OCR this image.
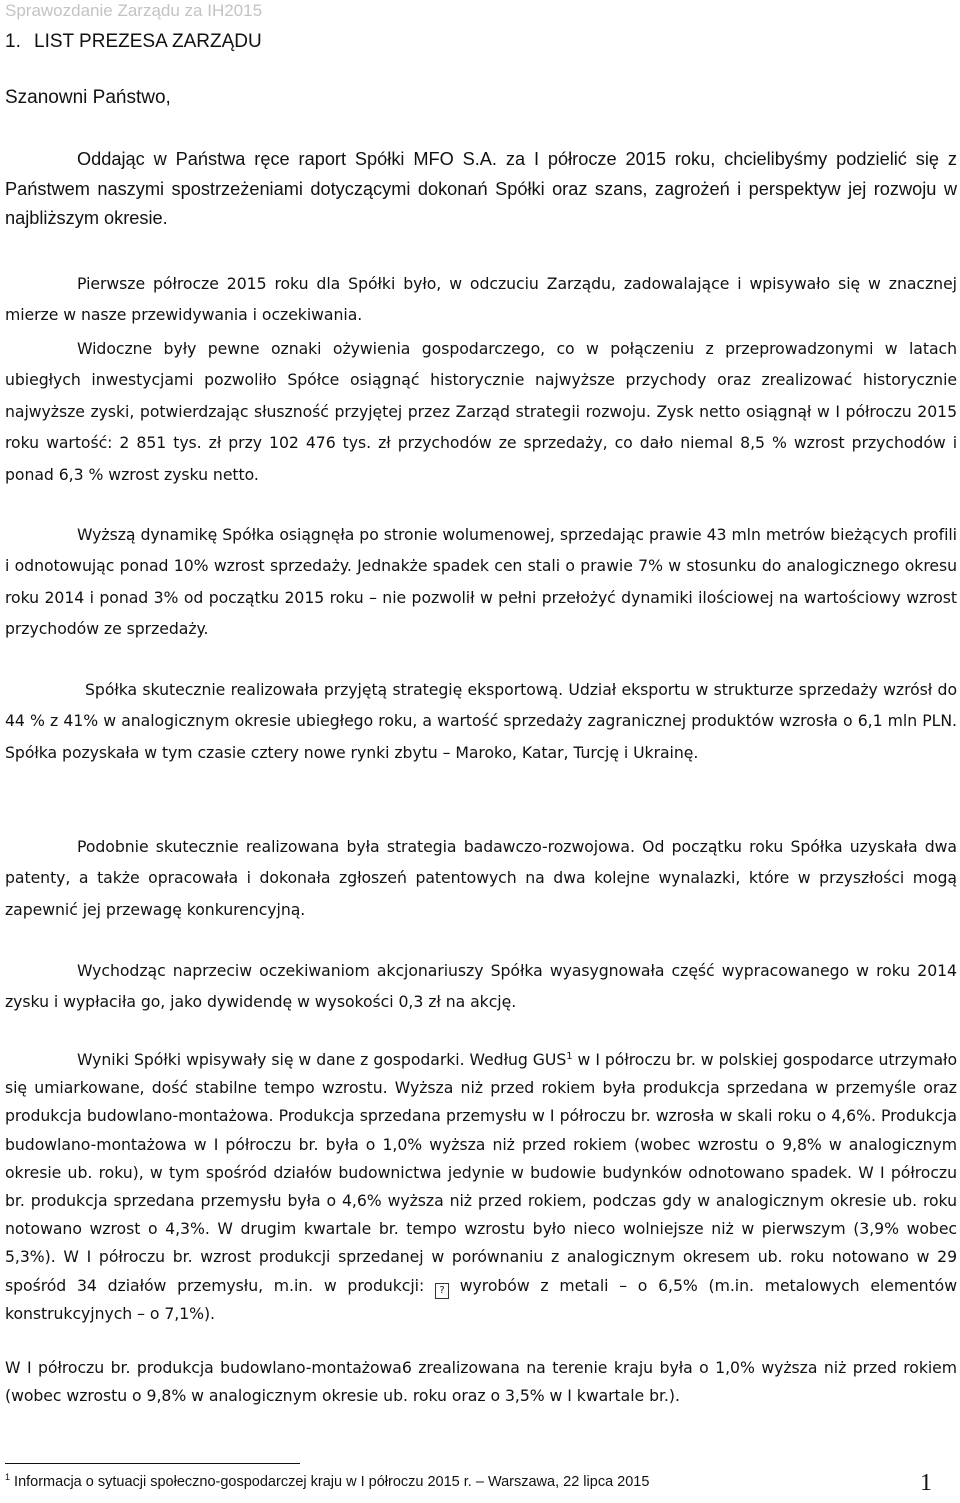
Sprawozdanie Zarządu za IH2015
1. LIST PREZESA ZARZĄDU
Szanowni Państwo,

Oddając w Państwa ręce raport Spółki MFO S.A. za I półrocze 2015 roku, chcielibyśmy podzielić się z Państwem naszymi spostrzeżeniami dotyczącymi dokonań Spółki oraz szans, zagrożeń i perspektyw jej rozwoju w najbliższym okresie.

Pierwsze półrocze 2015 roku dla Spółki było, w odczuciu Zarządu, zadowalające i wpisywało się w znacznej mierze w nasze przewidywania i oczekiwania.

Widoczne były pewne oznaki ożywienia gospodarczego, co w połączeniu z przeprowadzonymi w latach ubiegłych inwestycjami pozwoliło Spółce osiągnąć historycznie najwyższe przychody oraz zrealizować historycznie najwyższe zyski, potwierdzając słuszność przyjętej przez Zarząd strategii rozwoju. Zysk netto osiągnął w I półroczu 2015 roku wartość: 2 851 tys. zł przy 102 476 tys. zł przychodów ze sprzedaży, co dało niemal 8,5 % wzrost przychodów i ponad 6,3 % wzrost zysku netto.

Wyższą dynamikę Spółka osiągnęła po stronie wolumenowej, sprzedając prawie 43 mln metrów bieżących profili i odnotowując ponad 10% wzrost sprzedaży. Jednakże spadek cen stali o prawie 7% w stosunku do analogicznego okresu roku 2014 i ponad 3% od początku 2015 roku – nie pozwolił w pełni przełożyć dynamiki ilościowej na wartościowy wzrost przychodów ze sprzedaży.

Spółka skutecznie realizowała przyjętą strategię eksportową. Udział eksportu w strukturze sprzedaży wzrósł do 44 % z 41% w analogicznym okresie ubiegłego roku, a wartość sprzedaży zagranicznej produktów wzrosła o 6,1 mln PLN. Spółka pozyskała w tym czasie cztery nowe rynki zbytu – Maroko, Katar, Turcję i Ukrainę.

Podobnie skutecznie realizowana była strategia badawczo-rozwojowa. Od początku roku Spółka uzyskała dwa patenty, a także opracowała i dokonała zgłoszeń patentowych na dwa kolejne wynalazki, które w przyszłości mogą zapewnić jej przewagę konkurencyjną.

Wychodząc naprzeciw oczekiwaniom akcjonariuszy Spółka wyasygnowała część wypracowanego w roku 2014 zysku i wypłaciła go, jako dywidendę w wysokości 0,3 zł na akcję.

Wyniki Spółki wpisywały się w dane z gospodarki. Według GUS$^1$ w I półroczu br. w polskiej gospodarce utrzymało się umiarkowane, dość stabilne tempo wzrostu. Wyższa niż przed rokiem była produkcja sprzedana w przemyśle oraz produkcja budowlano-montażowa. Produkcja sprzedana przemysłu w I półroczu br. wzrosła w skali roku o 4,6%. Produkcja budowlano-montażowa w I półroczu br. była o 1,0% wyższa niż przed rokiem (wobec wzrostu o 9,8% w analogicznym okresie ub. roku), w tym spośród działów budownictwa jedynie w budowie budynków odnotowano spadek. W I półroczu br. produkcja sprzedana przemysłu była o 4,6% wyższa niż przed rokiem, podczas gdy w analogicznym okresie ub. roku notowano wzrost o 4,3%. W drugim kwartale br. tempo wzrostu było nieco wolniejsze niż w pierwszym (3,9% wobec 5,3%). W I półroczu br. wzrost produkcji sprzedanej w porównaniu z analogicznym okresem ub. roku notowano w 29 spośród 34 działów przemysłu, m.in. w produkcji: ? wyrobów z metali – o 6,5% (m.in. metalowych elementów konstrukcyjnych – o 7,1%).

W I półroczu br. produkcja budowlano-montażowa6 zrealizowana na terenie kraju była o 1,0% wyższa niż przed rokiem (wobec wzrostu o 9,8% w analogicznym okresie ub. roku oraz o 3,5% w I kwartale br.).

$^1$ Informacja o sytuacji społeczno-gospodarczej kraju w I półroczu 2015 r. – Warszawa, 22 lipca 2015	1
